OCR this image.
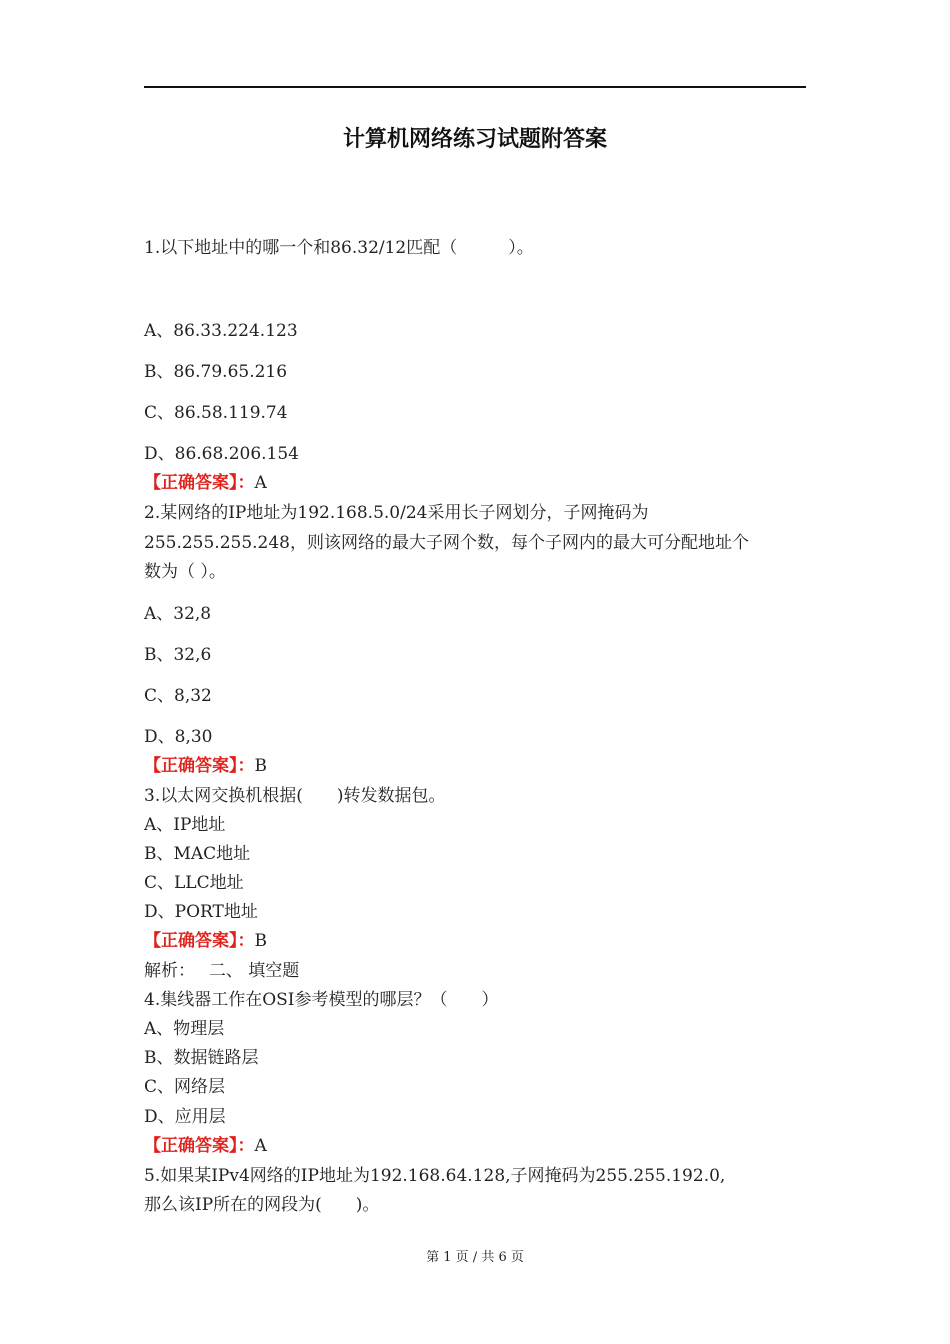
计算机网络练习试题附答案
1.以下地址中的哪一个和86.32/12匹配（　　　）。
A、86.33.224.123
B、86.79.65.216
C、86.58.119.74
D、86.68.206.154
【正确答案】：A
2.某网络的IP地址为192.168.5.0/24采用长子网划分，子网掩码为
255.255.255.248，则该网络的最大子网个数，每个子网内的最大可分配地址个
数为（ ）。
A、32,8
B、32,6
C、8,32
D、8,30
【正确答案】：B
3.以太网交换机根据(　　)转发数据包。
A、IP地址
B、MAC地址
C、LLC地址
D、PORT地址
【正确答案】：B
解析：　 二、 填空题
4.集线器工作在OSI参考模型的哪层？（　　）
A、物理层
B、数据链路层
C、网络层
D、应用层
【正确答案】：A
5.如果某IPv4网络的IP地址为192.168.64.128,子网掩码为255.255.192.0,
那么该IP所在的网段为(　　)。
第 1 页 / 共 6 页
